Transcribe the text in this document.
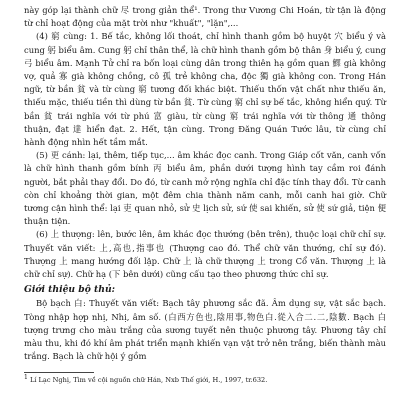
này góp lại thành chữ 尽 trong giản thể¹. Trong thư Vương Chi Hoán, từ tận là động từ chỉ hoạt động của mặt trời như "khuất", "lặn",...

(4) 窮 cùng: 1. Bế tắc, không lối thoát, chỉ hình thanh gồm bộ huyệt 穴 biểu ý và cung 躬 biểu âm. Cung 躬 chỉ thân thể, là chữ hình thanh gồm bộ thân 身 biểu ý, cung 弓 biểu âm. Mạnh Tử chỉ ra bốn loại cùng dân trong thiên hạ gồm quan 鰥 già không vợ, quả 寡 già không chồng, cô 孤 trẻ không cha, độc 獨 già không con. Trong Hán ngữ, từ bần 貧 và từ cùng 窮 tương đối khác biệt. Thiếu thốn vật chất như thiếu ăn, thiếu mặc, thiếu tiền thì dùng từ bần 貧. Từ cùng 窮 chỉ sự bế tắc, không hiển quý. Từ bần 貧 trái nghĩa với từ phú 富 giàu, từ cùng 窮 trái nghĩa với từ thông 通 thông thuận, đạt 達 hiển đạt. 2. Hết, tận cùng. Trong Đăng Quán Tước lâu, từ cùng chỉ hành động nhìn hết tầm mắt.

(5) 更 cánh: lại, thêm, tiếp tục,... âm khác đọc canh. Trong Giáp cốt văn, canh vốn là chữ hình thanh gồm bính 丙 biểu âm, phần dưới tượng hình tay cầm roi đánh người, bắt phải thay đổi. Do đó, từ canh mở rộng nghĩa chỉ đặc tính thay đổi. Từ canh còn chỉ khoảng thời gian, một đêm chia thành năm canh, mỗi canh hai giờ. Chữ tương cận hình thể: lại 吏 quan nhỏ, sử 史 lịch sử, sứ 使 sai khiến, sử 使 sứ giả, tiện 便 thuận tiện.

(6) 上 thượng: lên, bước lên, âm khác đọc thướng (bên trên), thuộc loại chữ chỉ sự. Thuyết văn viết: 上,高也,指事也 (Thượng cao đó. Thể chữ văn thướng, chỉ sự đó). Thượng 上 mang hướng đối lập. Chữ 上 là chữ thượng 上 trong Cổ văn. Thượng 上 là chữ chỉ sự). Chữ hạ (下 bên dưới) cũng cấu tạo theo phương thức chỉ sự.

Giới thiệu bộ thủ:

Bộ bạch 白: Thuyết văn viết: Bạch tây phương sắc đã. Âm dụng sự, vật sắc bạch. Tòng nhập hợp nhị, Nhị, âm số. (白西方色也,陰用事,物色白.從入合二.二,陰數. Bạch 白 tượng trưng cho màu trắng của sương tuyết nên thuộc phương tây. Phương tây chỉ màu thu, khi đó khí âm phát triển mạnh khiến vạn vật trở nên trắng, biến thành màu trắng. Bạch là chữ hội ý gồm

$^1$ Lí Lạc Nghị, Tìm về cội nguồn chữ Hán, Nxb Thế giới, H., 1997, tr.632.
